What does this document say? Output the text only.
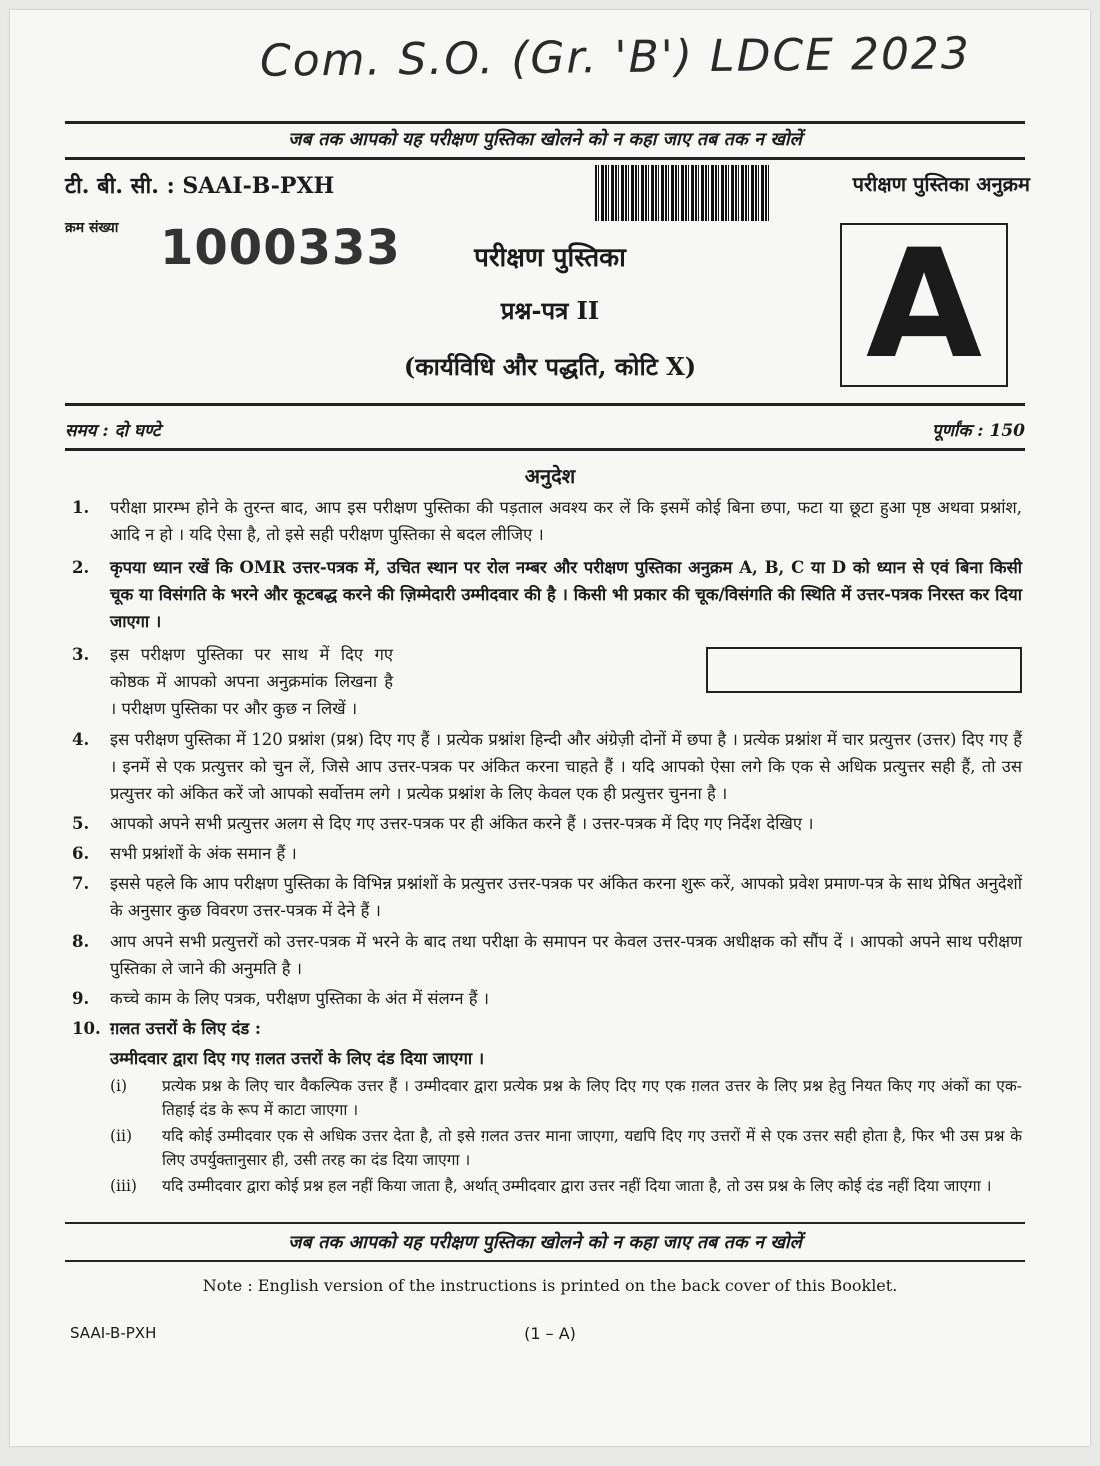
Com. S.O. (Gr. 'B') LDCE 2023
जब तक आपको यह परीक्षण पुस्तिका खोलने को न कहा जाए तब तक न खोलें
टी. बी. सी. : SAAI-B-PXH
क्रम संख्या 1000333
परीक्षण पुस्तिका अनुक्रम
A
परीक्षण पुस्तिका
प्रश्न-पत्र II
(कार्यविधि और पद्धति, कोटि X)
समय : दो घण्टे	पूर्णांक : 150
अनुदेश
1.	परीक्षा प्रारम्भ होने के तुरन्त बाद, आप इस परीक्षण पुस्तिका की पड़ताल अवश्य कर लें कि इसमें कोई बिना छपा, फटा या छूटा हुआ पृष्ठ अथवा प्रश्नांश, आदि न हो । यदि ऐसा है, तो इसे सही परीक्षण पुस्तिका से बदल लीजिए ।
2.	कृपया ध्यान रखें कि OMR उत्तर-पत्रक में, उचित स्थान पर रोल नम्बर और परीक्षण पुस्तिका अनुक्रम A, B, C या D को ध्यान से एवं बिना किसी चूक या विसंगति के भरने और कूटबद्ध करने की ज़िम्मेदारी उम्मीदवार की है । किसी भी प्रकार की चूक/विसंगति की स्थिति में उत्तर-पत्रक निरस्त कर दिया जाएगा ।
3.	इस परीक्षण पुस्तिका पर साथ में दिए गए कोष्ठक में आपको अपना अनुक्रमांक लिखना है । परीक्षण पुस्तिका पर और कुछ न लिखें ।
4.	इस परीक्षण पुस्तिका में 120 प्रश्नांश (प्रश्न) दिए गए हैं । प्रत्येक प्रश्नांश हिन्दी और अंग्रेज़ी दोनों में छपा है । प्रत्येक प्रश्नांश में चार प्रत्युत्तर (उत्तर) दिए गए हैं । इनमें से एक प्रत्युत्तर को चुन लें, जिसे आप उत्तर-पत्रक पर अंकित करना चाहते हैं । यदि आपको ऐसा लगे कि एक से अधिक प्रत्युत्तर सही हैं, तो उस प्रत्युत्तर को अंकित करें जो आपको सर्वोत्तम लगे । प्रत्येक प्रश्नांश के लिए केवल एक ही प्रत्युत्तर चुनना है ।
5.	आपको अपने सभी प्रत्युत्तर अलग से दिए गए उत्तर-पत्रक पर ही अंकित करने हैं । उत्तर-पत्रक में दिए गए निर्देश देखिए ।
6.	सभी प्रश्नांशों के अंक समान हैं ।
7.	इससे पहले कि आप परीक्षण पुस्तिका के विभिन्न प्रश्नांशों के प्रत्युत्तर उत्तर-पत्रक पर अंकित करना शुरू करें, आपको प्रवेश प्रमाण-पत्र के साथ प्रेषित अनुदेशों के अनुसार कुछ विवरण उत्तर-पत्रक में देने हैं ।
8.	आप अपने सभी प्रत्युत्तरों को उत्तर-पत्रक में भरने के बाद तथा परीक्षा के समापन पर केवल उत्तर-पत्रक अधीक्षक को सौंप दें । आपको अपने साथ परीक्षण पुस्तिका ले जाने की अनुमति है ।
9.	कच्चे काम के लिए पत्रक, परीक्षण पुस्तिका के अंत में संलग्न हैं ।
10. ग़लत उत्तरों के लिए दंड :
उम्मीदवार द्वारा दिए गए ग़लत उत्तरों के लिए दंड दिया जाएगा ।
(i)	प्रत्येक प्रश्न के लिए चार वैकल्पिक उत्तर हैं । उम्मीदवार द्वारा प्रत्येक प्रश्न के लिए दिए गए एक ग़लत उत्तर के लिए प्रश्न हेतु नियत किए गए अंकों का एक-तिहाई दंड के रूप में काटा जाएगा ।
(ii)	यदि कोई उम्मीदवार एक से अधिक उत्तर देता है, तो इसे ग़लत उत्तर माना जाएगा, यद्यपि दिए गए उत्तरों में से एक उत्तर सही होता है, फिर भी उस प्रश्न के लिए उपर्युक्तानुसार ही, उसी तरह का दंड दिया जाएगा ।
(iii)	यदि उम्मीदवार द्वारा कोई प्रश्न हल नहीं किया जाता है, अर्थात् उम्मीदवार द्वारा उत्तर नहीं दिया जाता है, तो उस प्रश्न के लिए कोई दंड नहीं दिया जाएगा ।
जब तक आपको यह परीक्षण पुस्तिका खोलने को न कहा जाए तब तक न खोलें
Note : English version of the instructions is printed on the back cover of this Booklet.
SAAI-B-PXH	(1 – A)
